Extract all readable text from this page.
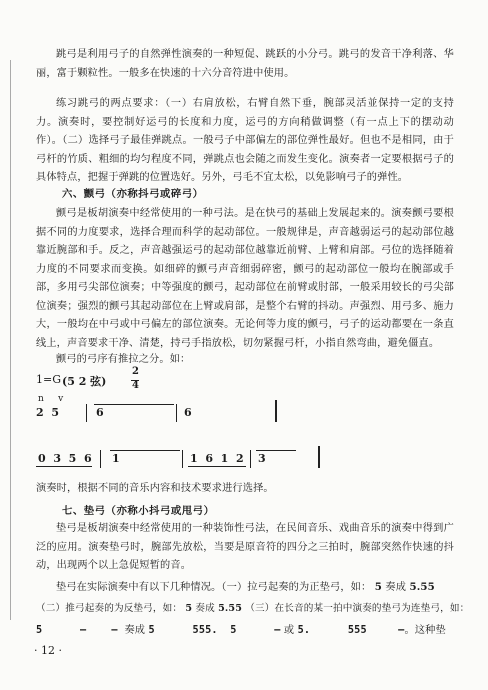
跳弓是利用弓子的自然弹性演奏的一种短促、跳跃的小分弓。跳弓的发音干净利落、华丽，富于颗粒性。一般多在快速的十六分音符进中使用。

练习跳弓的两点要求：（一）右肩放松，右臂自然下垂，腕部灵活並保持一定的支持力。演奏时，要控制好运弓的长度和力度，运弓的方向稍做调整（有一点上下的摆动动作）。（二）选择弓子最佳弹跳点。一般弓子中部偏左的部位弹性最好。但也不是相同，由于弓杆的竹质、粗细的均匀程度不同，弹跳点也会随之而发生变化。演奏者一定要根据弓子的具体特点，把握于弹跳的位置选好。另外，弓毛不宜太松，以免影响弓子的弹性。

六、颤弓（亦称抖弓或碎弓）

颤弓是板胡演奏中经常使用的一种弓法。是在快弓的基础上发展起来的。演奏颤弓要根据不同的力度要求，选择合理而科学的起动部位。一般规律是，声音越弱运弓的起动部位越靠近腕部和手。反之，声音越强运弓的起动部位越靠近前臂、上臂和肩部。弓位的选择随着力度的不同要求而变换。如细碎的颤弓声音细弱碎密，颤弓的起动部位一般均在腕部或手部，多用弓尖部位演奏；中等强度的颤弓，起动部位在前臂或肘部，一般采用较长的弓尖部位演奏；强烈的颤弓其起动部位在上臂或肩部，是整个右臂的抖动。声强烈、用弓多、施力大，一般均在中弓或中弓偏左的部位演奏。无论何等力度的颤弓，弓子的运动都要在一条直线上，声音要求干净、清楚，持弓手指放松，切勿紧握弓杆，小指自然弯曲，避免僵直。

颤弓的弓序有推拉之分。如：

1=G (5 2 弦)
2
4
n     v
2  5	6	6
0  3  5  6 1	1  6  1  2 3

演奏时，根据不同的音乐内容和技术要求进行选择。

七、垫弓（亦称小抖弓或甩弓）

垫弓是板胡演奏中经常使用的一种装饰性弓法，在民间音乐、戏曲音乐的演奏中得到广泛的应用。演奏垫弓时，腕部先放松，当要是原音符的四分之三拍时，腕部突然作快速的抖动，出现两个以上急促短暂的音。

垫弓在实际演奏中有以下几种情况。（一）拉弓起奏的为正垫弓，如： 5 奏成 5.55
（二）推弓起奏的为反垫弓，如： 5 奏成 5.55 （三）在长音的某一拍中演奏的垫弓为连垫弓，如：
5      –    – 奏成 5      555.  5      – 或 5.      555     –。这种垫
· 12 ·
